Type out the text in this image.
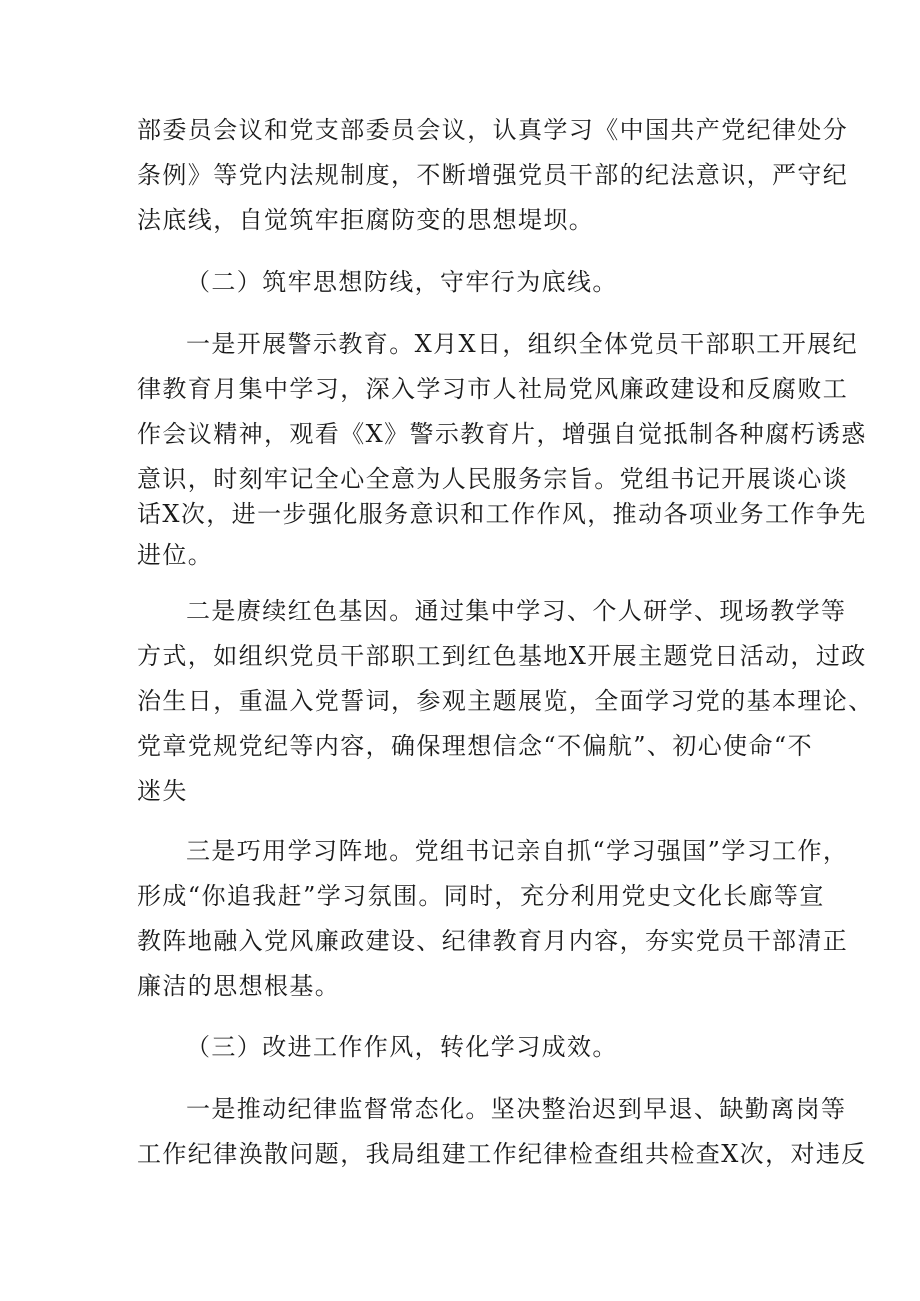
部委员会议和党支部委员会议，认真学习《中国共产党纪律处分
条例》等党内法规制度，不断增强党员干部的纪法意识，严守纪
法底线，自觉筑牢拒腐防变的思想堤坝。
（二）筑牢思想防线，守牢行为底线。
一是开展警示教育。X月X日，组织全体党员干部职工开展纪
律教育月集中学习，深入学习市人社局党风廉政建设和反腐败工
作会议精神，观看《X》警示教育片，增强自觉抵制各种腐朽诱惑
意识，时刻牢记全心全意为人民服务宗旨。党组书记开展谈心谈
话X次，进一步强化服务意识和工作作风，推动各项业务工作争先
进位。
二是赓续红色基因。通过集中学习、个人研学、现场教学等
方式，如组织党员干部职工到红色基地X开展主题党日活动，过政
治生日，重温入党誓词，参观主题展览，全面学习党的基本理论、
党章党规党纪等内容，确保理想信念“不偏航”、初心使命“不
迷失
三是巧用学习阵地。党组书记亲自抓“学习强国”学习工作，
形成“你追我赶”学习氛围。同时，充分利用党史文化长廊等宣
教阵地融入党风廉政建设、纪律教育月内容，夯实党员干部清正
廉洁的思想根基。
（三）改进工作作风，转化学习成效。
一是推动纪律监督常态化。坚决整治迟到早退、缺勤离岗等
工作纪律涣散问题，我局组建工作纪律检查组共检查X次，对违反
